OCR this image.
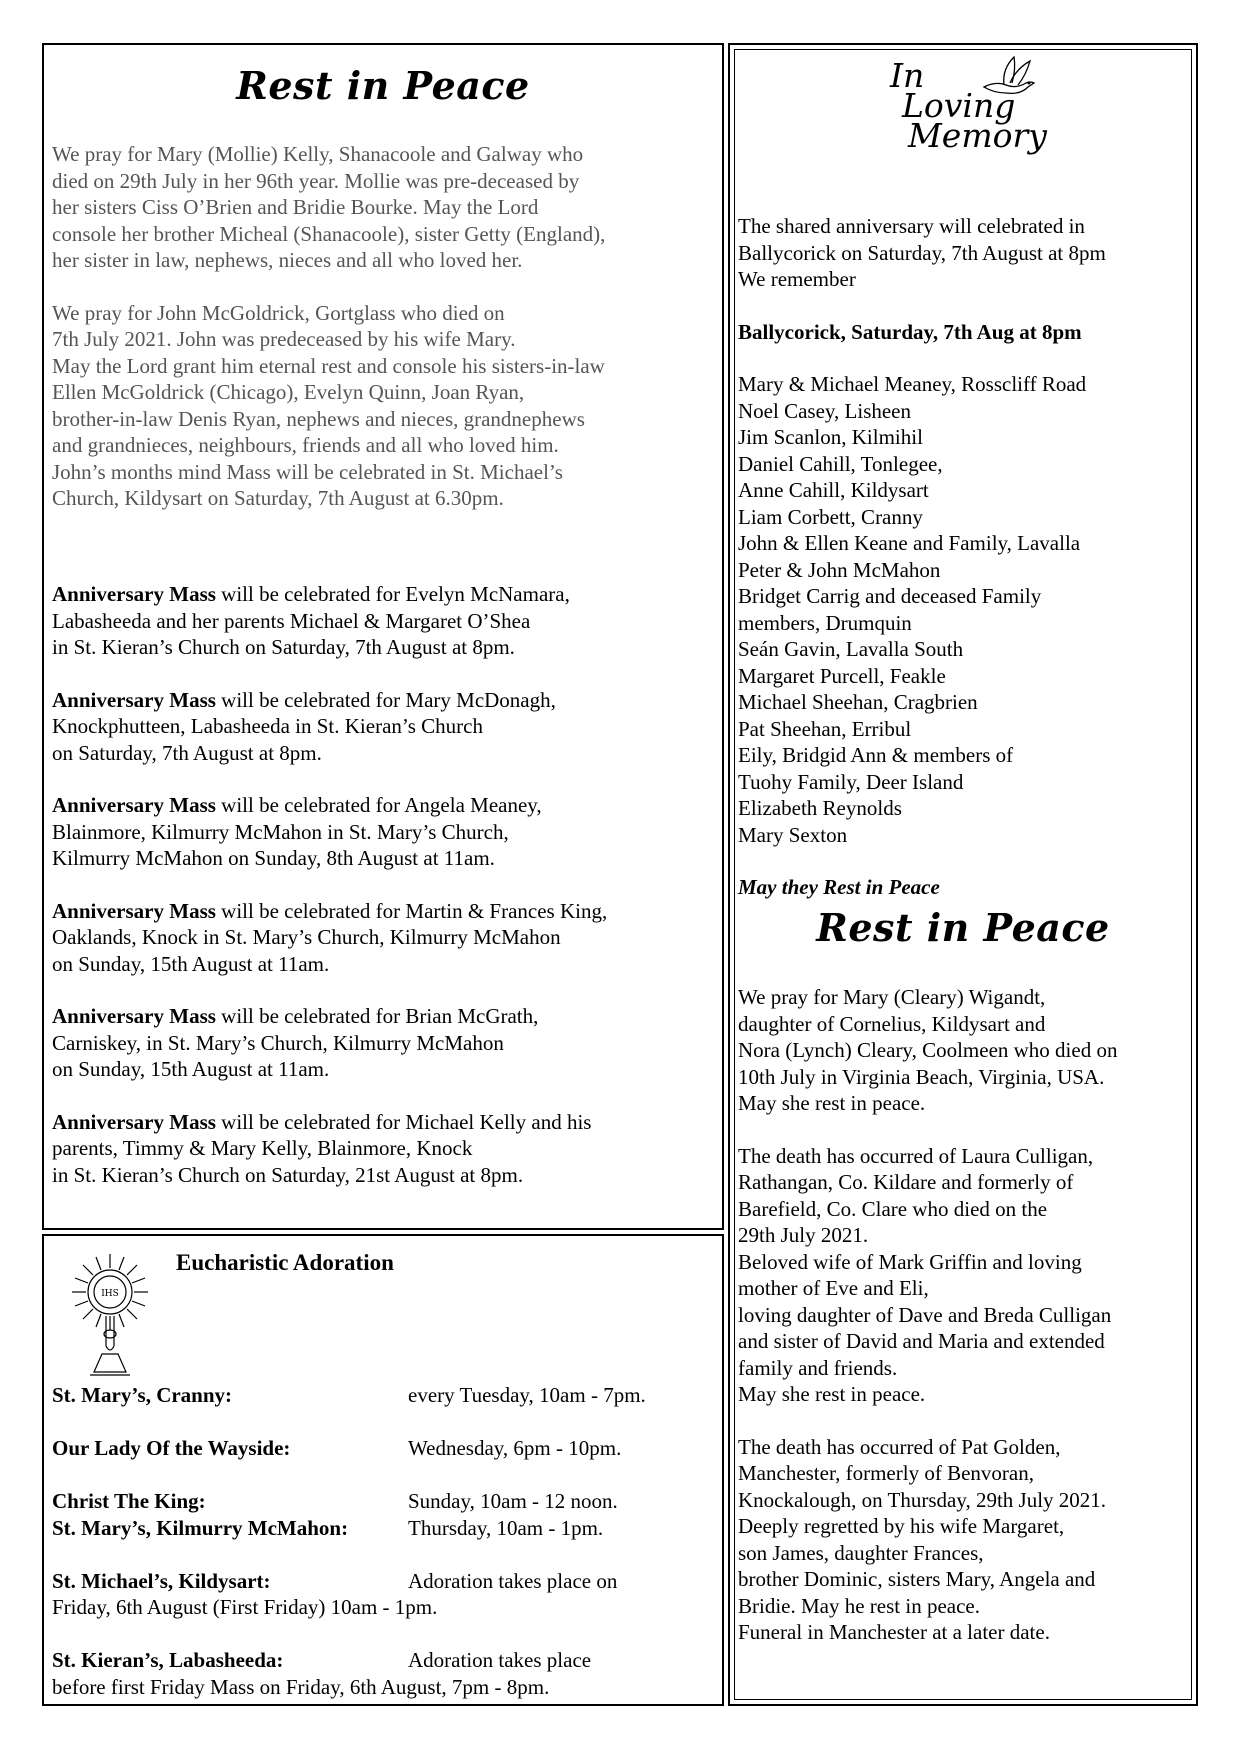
Rest in Peace

We pray for Mary (Mollie) Kelly, Shanacoole and Galway who
died on 29th July in her 96th year. Mollie was pre-deceased by
her sisters Ciss O’Brien and Bridie Bourke. May the Lord
console her brother Micheal (Shanacoole), sister Getty (England),
her sister in law, nephews, nieces and all who loved her.

We pray for John McGoldrick, Gortglass who died on
7th July 2021. John was predeceased by his wife Mary.
May the Lord grant him eternal rest and console his sisters-in-law
Ellen McGoldrick (Chicago), Evelyn Quinn, Joan Ryan,
brother-in-law Denis Ryan, nephews and nieces, grandnephews
and grandnieces, neighbours, friends and all who loved him.
John’s months mind Mass will be celebrated in St. Michael’s
Church, Kildysart on Saturday, 7th August at 6.30pm.

Anniversary Mass will be celebrated for Evelyn McNamara,
Labasheeda and her parents Michael & Margaret O’Shea
in St. Kieran’s Church on Saturday, 7th August at 8pm.

Anniversary Mass will be celebrated for Mary McDonagh,
Knockphutteen, Labasheeda in St. Kieran’s Church
on Saturday, 7th August at 8pm.

Anniversary Mass will be celebrated for Angela Meaney,
Blainmore, Kilmurry McMahon in St. Mary’s Church,
Kilmurry McMahon on Sunday, 8th August at 11am.

Anniversary Mass will be celebrated for Martin & Frances King,
Oaklands, Knock in St. Mary’s Church, Kilmurry McMahon
on Sunday, 15th August at 11am.

Anniversary Mass will be celebrated for Brian McGrath,
Carniskey, in St. Mary’s Church, Kilmurry McMahon
on Sunday, 15th August at 11am.

Anniversary Mass will be celebrated for Michael Kelly and his
parents, Timmy & Mary Kelly, Blainmore, Knock
in St. Kieran’s Church on Saturday, 21st August at 8pm.

IHS
Eucharistic Adoration
St. Mary’s, Cranny:	every Tuesday, 10am - 7pm.
Our Lady Of the Wayside:	Wednesday, 6pm - 10pm.
Christ The King:	Sunday, 10am - 12 noon.
St. Mary’s, Kilmurry McMahon:	Thursday, 10am - 1pm.
St. Michael’s, Kildysart:	Adoration takes place on
Friday, 6th August (First Friday) 10am - 1pm.
St. Kieran’s, Labasheeda:	Adoration takes place
before first Friday Mass on Friday, 6th August, 7pm - 8pm.
In
Loving
Memory

The shared anniversary will celebrated in
Ballycorick on Saturday, 7th August at 8pm
We remember

Ballycorick, Saturday, 7th Aug at 8pm

Mary & Michael Meaney, Rosscliff Road
Noel Casey, Lisheen
Jim Scanlon, Kilmihil
Daniel Cahill, Tonlegee,
Anne Cahill, Kildysart
Liam Corbett, Cranny
John & Ellen Keane and Family, Lavalla
Peter & John McMahon
Bridget Carrig and deceased Family
members, Drumquin
Seán Gavin, Lavalla South
Margaret Purcell, Feakle
Michael Sheehan, Cragbrien
Pat Sheehan, Erribul
Eily, Bridgid Ann & members of
Tuohy Family, Deer Island
Elizabeth Reynolds
Mary Sexton

May they Rest in Peace
Rest in Peace

We pray for Mary (Cleary) Wigandt,
daughter of Cornelius, Kildysart and
Nora (Lynch) Cleary, Coolmeen who died on
10th July in Virginia Beach, Virginia, USA.
May she rest in peace.

The death has occurred of Laura Culligan,
Rathangan, Co. Kildare and formerly of
Barefield, Co. Clare who died on the
29th July 2021.
Beloved wife of Mark Griffin and loving
mother of Eve and Eli,
loving daughter of Dave and Breda Culligan
and sister of David and Maria and extended
family and friends.
May she rest in peace.

The death has occurred of Pat Golden,
Manchester, formerly of Benvoran,
Knockalough, on Thursday, 29th July 2021.
Deeply regretted by his wife Margaret,
son James, daughter Frances,
brother Dominic, sisters Mary, Angela and
Bridie. May he rest in peace.
Funeral in Manchester at a later date.
